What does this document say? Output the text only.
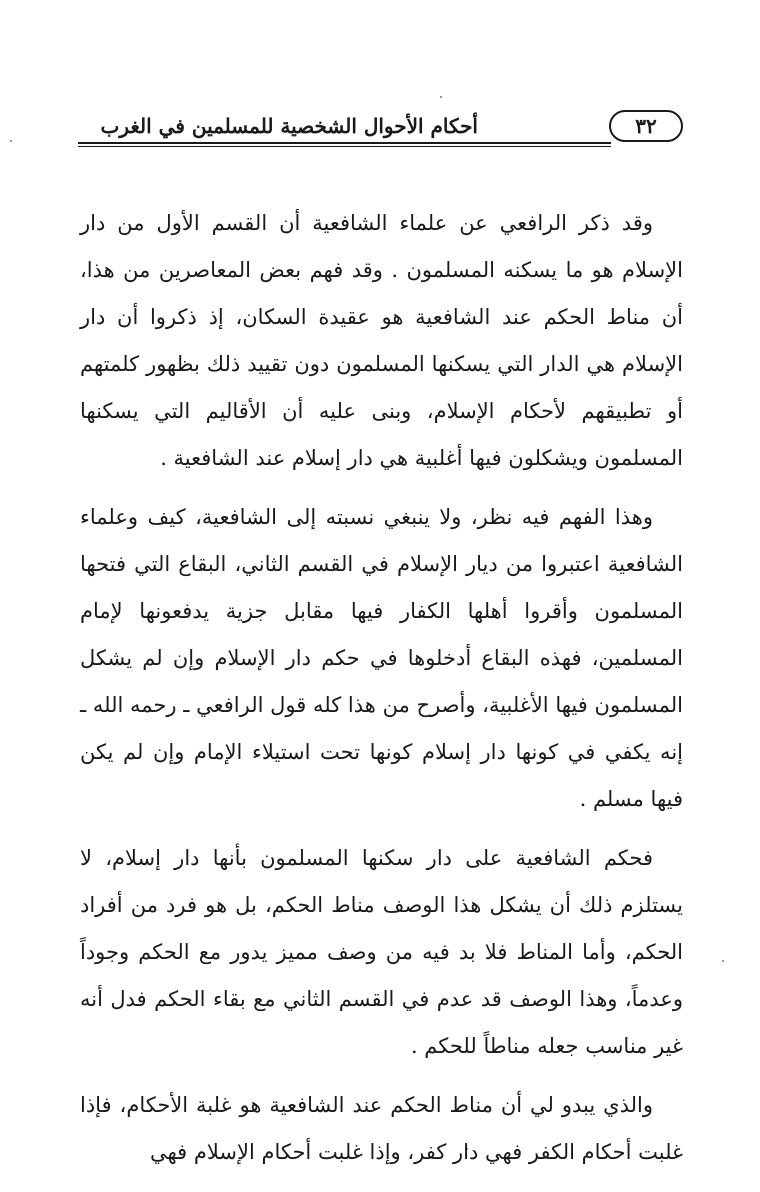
٣٢
أحكام الأحوال الشخصية للمسلمين في الغرب

وقد ذكر الرافعي عن علماء الشافعية أن القسم الأول من دار الإسلام هو ما يسكنه المسلمون . وقد فهم بعض المعاصرين من هذا، أن مناط الحكم عند الشافعية هو عقيدة السكان، إذ ذكروا أن دار الإسلام هي الدار التي يسكنها المسلمون دون تقييد ذلك بظهور كلمتهم أو تطبيقهم لأحكام الإسلام، وبنى عليه أن الأقاليم التي يسكنها المسلمون ويشكلون فيها أغلبية هي دار إسلام عند الشافعية .

وهذا الفهم فيه نظر، ولا ينبغي نسبته إلى الشافعية، كيف وعلماء الشافعية اعتبروا من ديار الإسلام في القسم الثاني، البقاع التي فتحها المسلمون وأقروا أهلها الكفار فيها مقابل جزية يدفعونها لإمام المسلمين، فهذه البقاع أدخلوها في حكم دار الإسلام وإن لم يشكل المسلمون فيها الأغلبية، وأصرح من هذا كله قول الرافعي ـ رحمه الله ـ إنه يكفي في كونها دار إسلام كونها تحت استيلاء الإمام وإن لم يكن فيها مسلم .

فحكم الشافعية على دار سكنها المسلمون بأنها دار إسلام، لا يستلزم ذلك أن يشكل هذا الوصف مناط الحكم، بل هو فرد من أفراد الحكم، وأما المناط فلا بد فيه من وصف مميز يدور مع الحكم وجوداً وعدماً، وهذا الوصف قد عدم في القسم الثاني مع بقاء الحكم فدل أنه غير مناسب جعله مناطاً للحكم .

والذي يبدو لي أن مناط الحكم عند الشافعية هو غلبة الأحكام، فإذا غلبت أحكام الكفر فهي دار كفر، وإذا غلبت أحكام الإسلام فهي
